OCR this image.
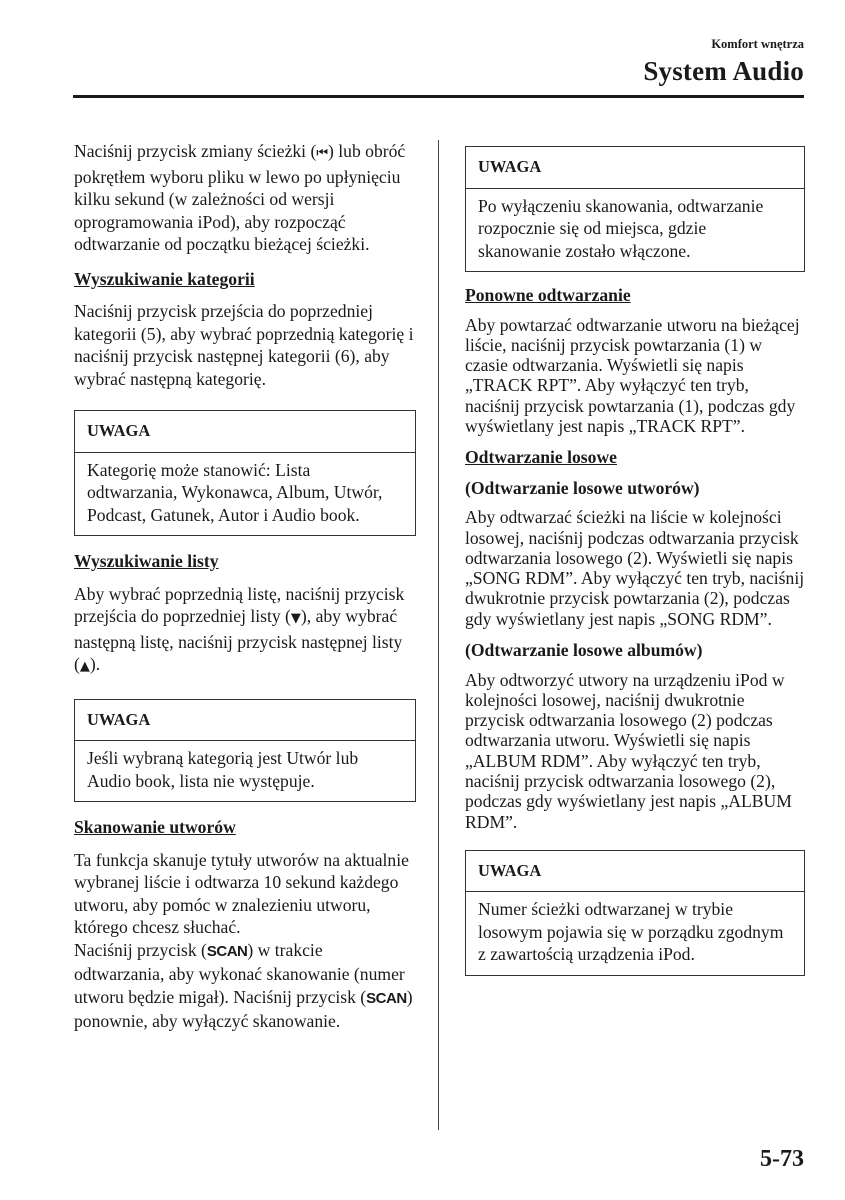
Komfort wnętrza
System Audio

Naciśnij przycisk zmiany ścieżki (⏮) lub obróć pokrętłem wyboru pliku w lewo po upłynięciu kilku sekund (w zależności od wersji oprogramowania iPod), aby rozpocząć odtwarzanie od początku bieżącej ścieżki.

Wyszukiwanie kategorii

Naciśnij przycisk przejścia do poprzedniej kategorii (5), aby wybrać poprzednią kategorię i naciśnij przycisk następnej kategorii (6), aby wybrać następną kategorię.

UWAGA
Kategorię może stanowić: Lista odtwarzania, Wykonawca, Album, Utwór, Podcast, Gatunek, Autor i Audio book.

Wyszukiwanie listy

Aby wybrać poprzednią listę, naciśnij przycisk przejścia do poprzedniej listy (▼), aby wybrać następną listę, naciśnij przycisk następnej listy (▲).

UWAGA
Jeśli wybraną kategorią jest Utwór lub Audio book, lista nie występuje.

Skanowanie utworów

Ta funkcja skanuje tytuły utworów na aktualnie wybranej liście i odtwarza 10 sekund każdego utworu, aby pomóc w znalezieniu utworu, którego chcesz słuchać.

Naciśnij przycisk (SCAN) w trakcie odtwarzania, aby wykonać skanowanie (numer utworu będzie migał). Naciśnij przycisk (SCAN) ponownie, aby wyłączyć skanowanie.

UWAGA
Po wyłączeniu skanowania, odtwarzanie rozpocznie się od miejsca, gdzie skanowanie zostało włączone.

Ponowne odtwarzanie

Aby powtarzać odtwarzanie utworu na bieżącej liście, naciśnij przycisk powtarzania (1) w czasie odtwarzania. Wyświetli się napis „TRACK RPT”. Aby wyłączyć ten tryb, naciśnij przycisk powtarzania (1), podczas gdy wyświetlany jest napis „TRACK RPT”.

Odtwarzanie losowe

(Odtwarzanie losowe utworów)

Aby odtwarzać ścieżki na liście w kolejności losowej, naciśnij podczas odtwarzania przycisk odtwarzania losowego (2). Wyświetli się napis „SONG RDM”. Aby wyłączyć ten tryb, naciśnij dwukrotnie przycisk powtarzania (2), podczas gdy wyświetlany jest napis „SONG RDM”.

(Odtwarzanie losowe albumów)

Aby odtworzyć utwory na urządzeniu iPod w kolejności losowej, naciśnij dwukrotnie przycisk odtwarzania losowego (2) podczas odtwarzania utworu. Wyświetli się napis „ALBUM RDM”. Aby wyłączyć ten tryb, naciśnij przycisk odtwarzania losowego (2), podczas gdy wyświetlany jest napis „ALBUM RDM”.

UWAGA
Numer ścieżki odtwarzanej w trybie losowym pojawia się w porządku zgodnym z zawartością urządzenia iPod.
5-73
